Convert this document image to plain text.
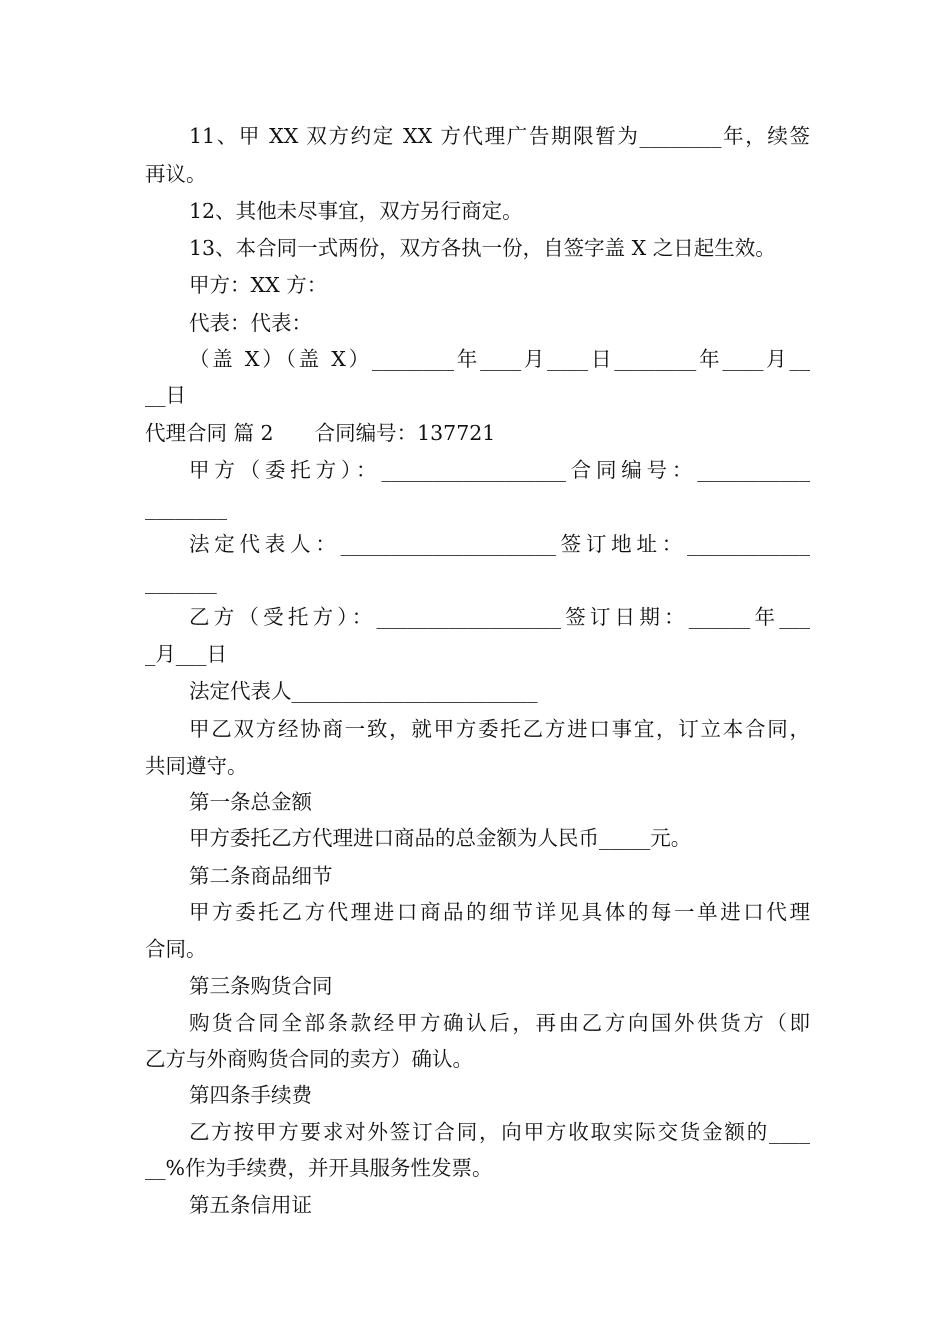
11、甲 XX 双方约定 XX 方代理广告期限暂为________年，续签
再议。
12、其他未尽事宜，双方另行商定。
13、本合同一式两份，双方各执一份，自签字盖 X 之日起生效。
甲方：XX 方：
代表：代表：
（盖 X）（盖 X）________年____月____日________年____月__
__日
代理合同 篇 2　　合同编号：137721
甲方（委托方）：__________________合同编号：___________
________
法定代表人：_____________________签订地址：____________
_______
乙方（受托方）：__________________签订日期：______年___
_月___日
法定代表人________________________
甲乙双方经协商一致，就甲方委托乙方进口事宜，订立本合同，
共同遵守。
第一条总金额
甲方委托乙方代理进口商品的总金额为人民币_____元。
第二条商品细节
甲方委托乙方代理进口商品的细节详见具体的每一单进口代理
合同。
第三条购货合同
购货合同全部条款经甲方确认后，再由乙方向国外供货方（即
乙方与外商购货合同的卖方）确认。
第四条手续费
乙方按甲方要求对外签订合同，向甲方收取实际交货金额的____
__%作为手续费，并开具服务性发票。
第五条信用证
